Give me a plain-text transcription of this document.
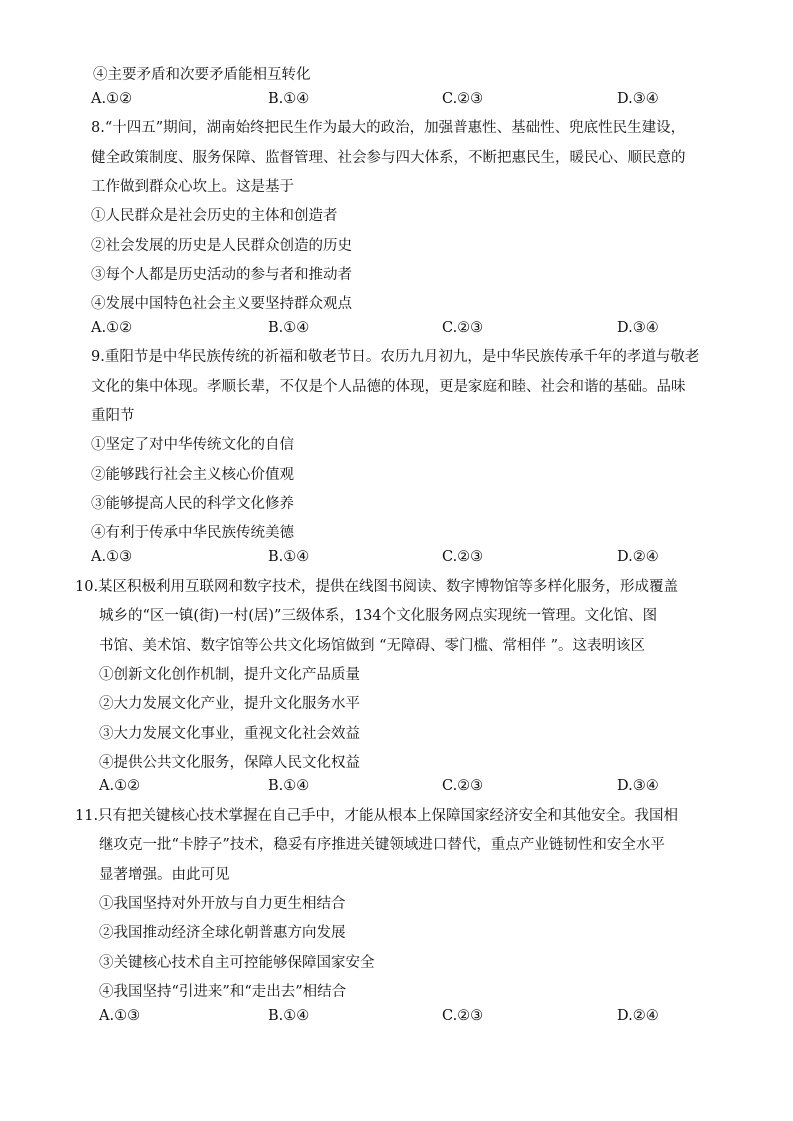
④主要矛盾和次要矛盾能相互转化
A.①②	B.①④	C.②③	D.③④
8.“十四五”期间，湖南始终把民生作为最大的政治，加强普惠性、基础性、兜底性民生建设，
健全政策制度、服务保障、监督管理、社会参与四大体系，不断把惠民生，暖民心、顺民意的
工作做到群众心坎上。这是基于
①人民群众是社会历史的主体和创造者
②社会发展的历史是人民群众创造的历史
③每个人都是历史活动的参与者和推动者
④发展中国特色社会主义要坚持群众观点
A.①②	B.①④	C.②③	D.③④
9.重阳节是中华民族传统的祈福和敬老节日。农历九月初九，是中华民族传承千年的孝道与敬老
文化的集中体现。孝顺长辈，不仅是个人品德的体现，更是家庭和睦、社会和谐的基础。品味
重阳节
①坚定了对中华传统文化的自信
②能够践行社会主义核心价值观
③能够提高人民的科学文化修养
④有利于传承中华民族传统美德
A.①③	B.①④	C.②③	D.②④
10.某区积极利用互联网和数字技术，提供在线图书阅读、数字博物馆等多样化服务，形成覆盖
城乡的“区一镇(街)一村(居)”三级体系，134个文化服务网点实现统一管理。文化馆、图
书馆、美术馆、数字馆等公共文化场馆做到 “无障碍、零门槛、常相伴 ”。这表明该区
①创新文化创作机制，提升文化产品质量
②大力发展文化产业，提升文化服务水平
③大力发展文化事业，重视文化社会效益
④提供公共文化服务，保障人民文化权益
A.①②	B.①④	C.②③	D.③④
11.只有把关键核心技术掌握在自己手中，才能从根本上保障国家经济安全和其他安全。我国相
继攻克一批“卡脖子”技术，稳妥有序推进关键领域进口替代，重点产业链韧性和安全水平
显著增强。由此可见
①我国坚持对外开放与自力更生相结合
②我国推动经济全球化朝普惠方向发展
③关键核心技术自主可控能够保障国家安全
④我国坚持“引进来”和“走出去”相结合
A.①③	B.①④	C.②③	D.②④
